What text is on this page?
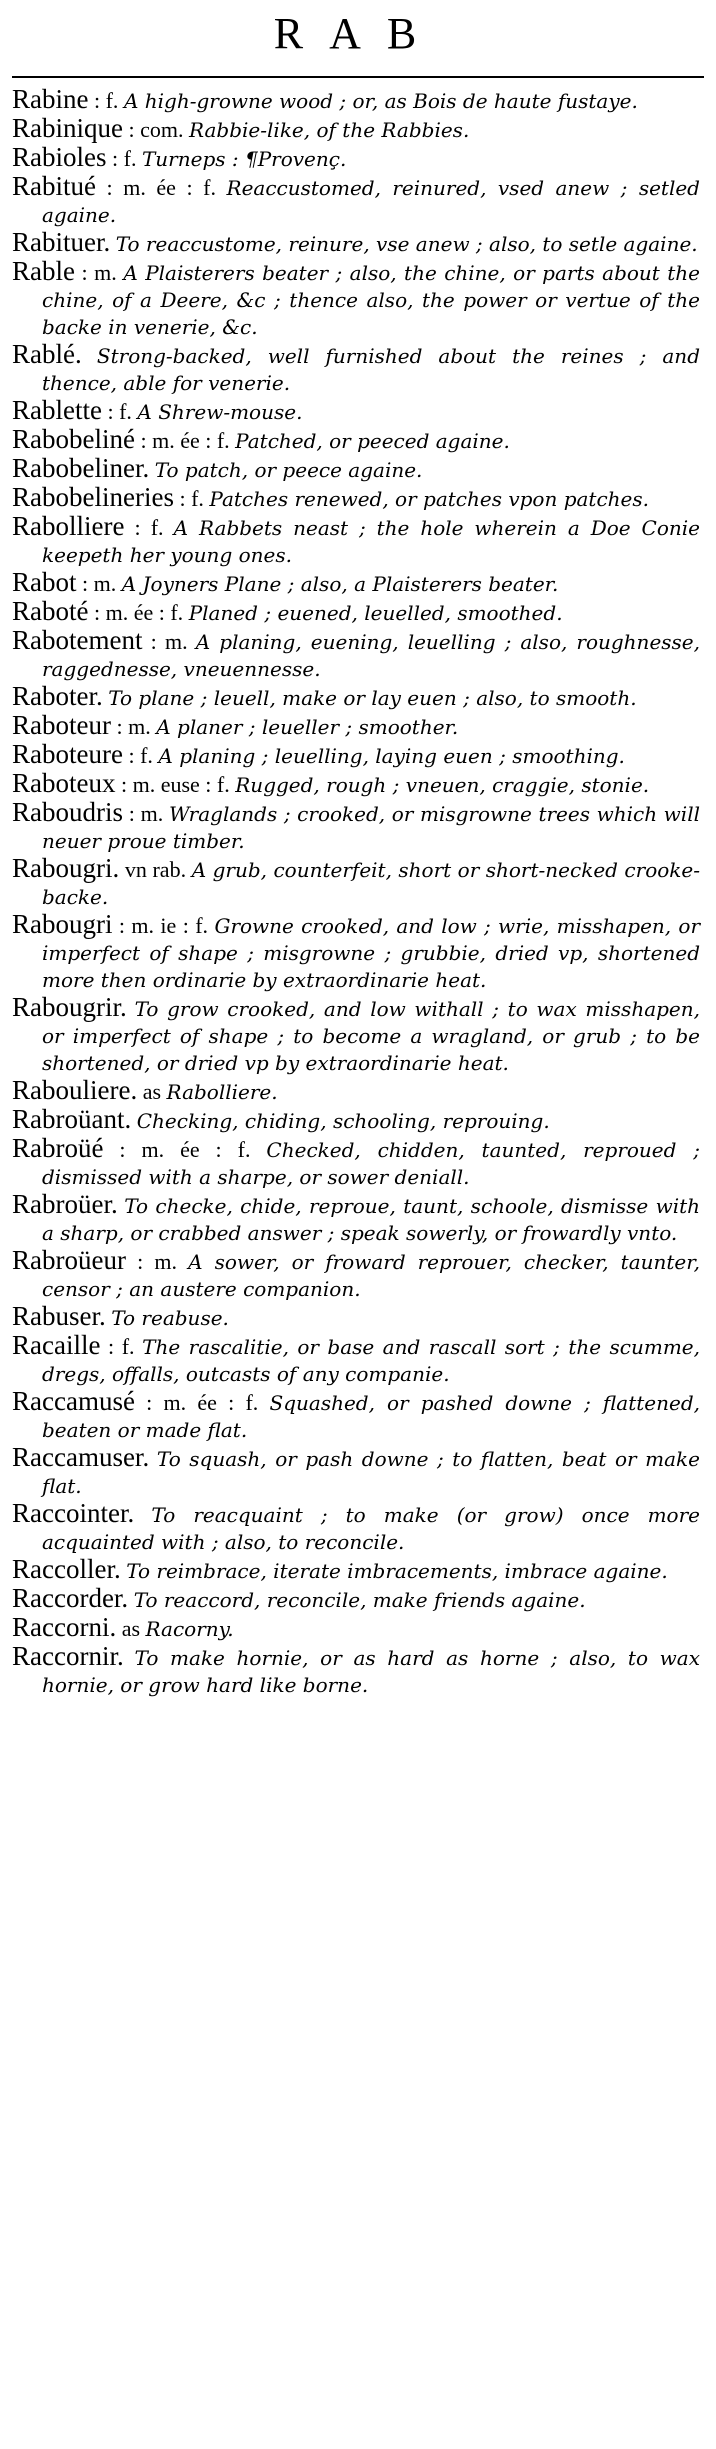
RAB

Rabine : f. A high-growne wood ; or, as Bois de haute fustaye.

Rabinique : com. Rabbie-like, of the Rabbies.

Rabioles : f. Turneps : ¶Provenç.

Rabitué : m. ée : f. Reaccustomed, reinured, vsed anew ; setled againe.

Rabituer. To reaccustome, reinure, vse anew ; also, to setle againe.

Rable : m. A Plaisterers beater ; also, the chine, or parts about the chine, of a Deere, &c ; thence also, the power or vertue of the backe in venerie, &c.

Rablé. Strong-backed, well furnished about the reines ; and thence, able for venerie.

Rablette : f. A Shrew-mouse.

Rabobeliné : m. ée : f. Patched, or peeced againe.

Rabobeliner. To patch, or peece againe.

Rabobelineries : f. Patches renewed, or patches vpon patches.

Rabolliere : f. A Rabbets neast ; the hole wherein a Doe Conie keepeth her young ones.

Rabot : m. A Joyners Plane ; also, a Plaisterers beater.

Raboté : m. ée : f. Planed ; euened, leuelled, smoothed.

Rabotement : m. A planing, euening, leuelling ; also, roughnesse, raggednesse, vneuennesse.

Raboter. To plane ; leuell, make or lay euen ; also, to smooth.

Raboteur : m. A planer ; leueller ; smoother.

Raboteure : f. A planing ; leuelling, laying euen ; smoothing.

Raboteux : m. euse : f. Rugged, rough ; vneuen, craggie, stonie.

Raboudris : m. Wraglands ; crooked, or misgrowne trees which will neuer proue timber.

Rabougri. vn rab. A grub, counterfeit, short or short-necked crooke-backe.

Rabougri : m. ie : f. Growne crooked, and low ; wrie, misshapen, or imperfect of shape ; misgrowne ; grubbie, dried vp, shortened more then ordinarie by extraordinarie heat.

Rabougrir. To grow crooked, and low withall ; to wax misshapen, or imperfect of shape ; to become a wragland, or grub ; to be shortened, or dried vp by extraordinarie heat.

Rabouliere. as Rabolliere.

Rabroüant. Checking, chiding, schooling, reprouing.

Rabroüé : m. ée : f. Checked, chidden, taunted, reproued ; dismissed with a sharpe, or sower deniall.

Rabroüer. To checke, chide, reproue, taunt, schoole, dismisse with a sharp, or crabbed answer ; speak sowerly, or frowardly vnto.

Rabroüeur : m. A sower, or froward reprouer, checker, taunter, censor ; an austere companion.

Rabuser. To reabuse.

Racaille : f. The rascalitie, or base and rascall sort ; the scumme, dregs, offalls, outcasts of any companie.

Raccamusé : m. ée : f. Squashed, or pashed downe ; flattened, beaten or made flat.

Raccamuser. To squash, or pash downe ; to flatten, beat or make flat.

Raccointer. To reacquaint ; to make (or grow) once more acquainted with ; also, to reconcile.

Raccoller. To reimbrace, iterate imbracements, imbrace againe.

Raccorder. To reaccord, reconcile, make friends againe.

Raccorni. as Racorny.

Raccornir. To make hornie, or as hard as horne ; also, to wax hornie, or grow hard like borne.
